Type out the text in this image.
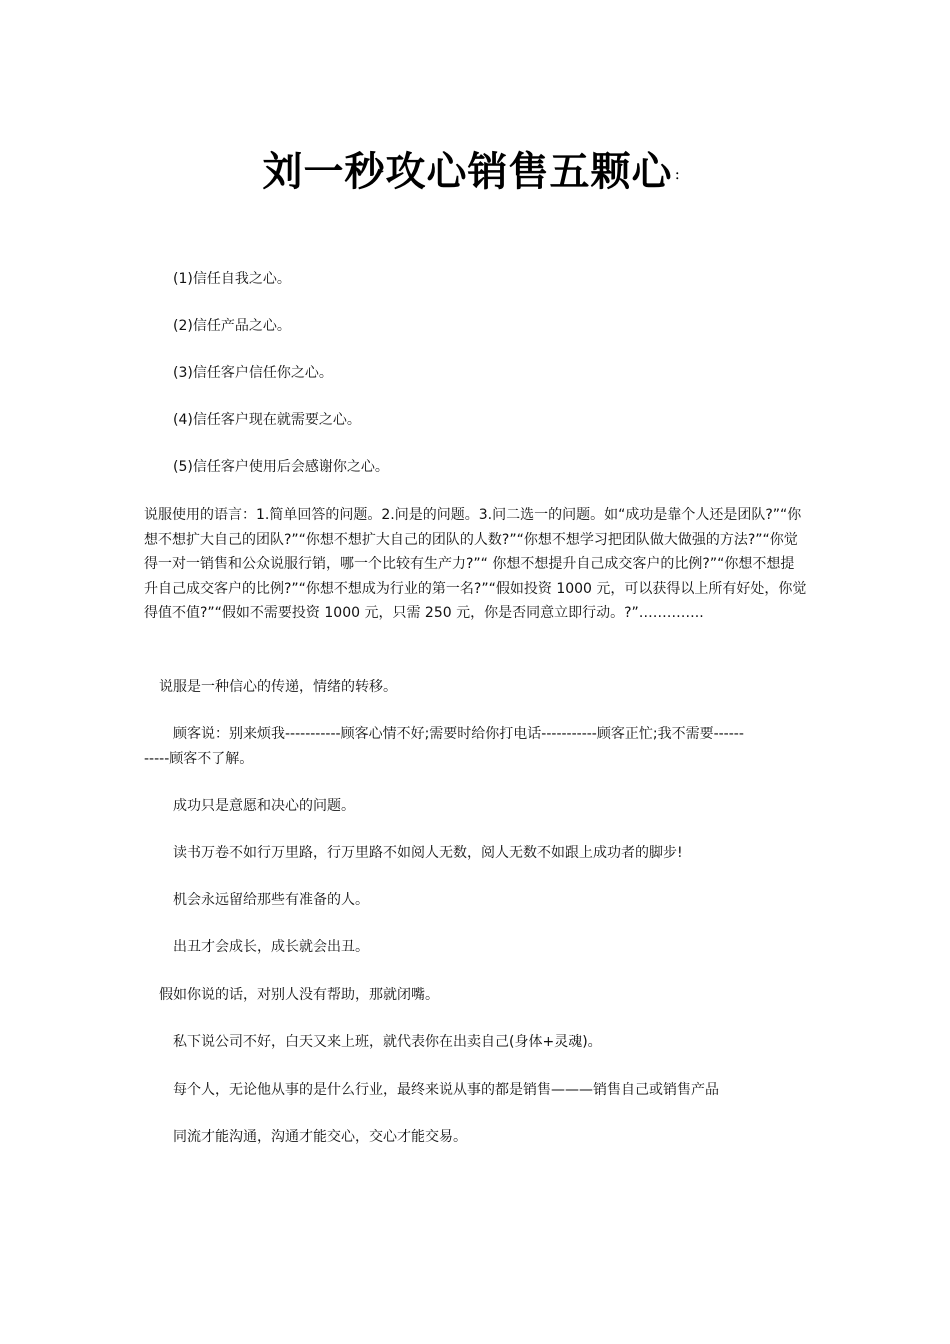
刘一秒攻心销售五颗心 ：
(1)信任自我之心。
(2)信任产品之心。
(3)信任客户信任你之心。
(4)信任客户现在就需要之心。
(5)信任客户使用后会感谢你之心。
说服使用的语言：1.简单回答的问题。2.问是的问题。3.问二选一的问题。如“成功是靠个人还是团队?”“你想不想扩大自己的团队?”“你想不想扩大自己的团队的人数?”“你想不想学习把团队做大做强的方法?”“你觉得一对一销售和公众说服行销，哪一个比较有生产力?”“ 你想不想提升自己成交客户的比例?”“你想不想提升自己成交客户的比例?”“你想不想成为行业的第一名?”“假如投资 1000 元，可以获得以上所有好处，你觉得值不值?”“假如不需要投资 1000 元，只需 250 元，你是否同意立即行动。?”…………..
说服是一种信心的传递，情绪的转移。
顾客说：别来烦我-----------顾客心情不好;需要时给你打电话-----------顾客正忙;我不需要-----------顾客不了解。
成功只是意愿和决心的问题。
读书万卷不如行万里路，行万里路不如阅人无数，阅人无数不如跟上成功者的脚步!
机会永远留给那些有准备的人。
出丑才会成长，成长就会出丑。
假如你说的话，对别人没有帮助，那就闭嘴。
私下说公司不好，白天又来上班，就代表你在出卖自己(身体+灵魂)。
每个人，无论他从事的是什么行业，最终来说从事的都是销售———销售自己或销售产品
同流才能沟通，沟通才能交心，交心才能交易。
